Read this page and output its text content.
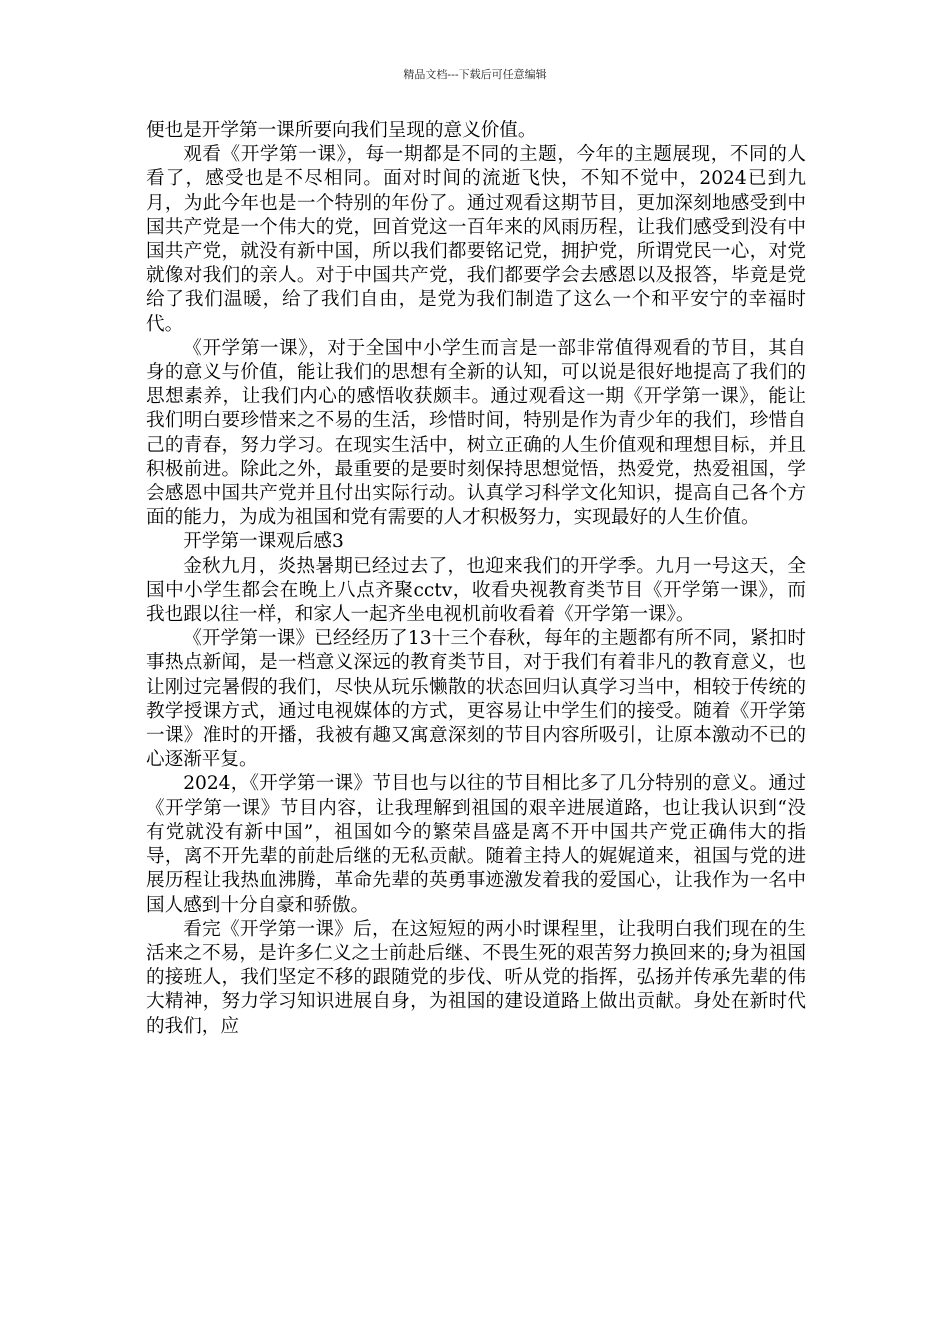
精品文档---下载后可任意编辑

便也是开学第一课所要向我们呈现的意义价值。

观看《开学第一课》，每一期都是不同的主题，今年的主题展现，不同的人看了，感受也是不尽相同。面对时间的流逝飞快，不知不觉中，2024已到九月，为此今年也是一个特别的年份了。通过观看这期节目，更加深刻地感受到中国共产党是一个伟大的党，回首党这一百年来的风雨历程，让我们感受到没有中国共产党，就没有新中国，所以我们都要铭记党，拥护党，所谓党民一心，对党就像对我们的亲人。对于中国共产党，我们都要学会去感恩以及报答，毕竟是党给了我们温暖，给了我们自由，是党为我们制造了这么一个和平安宁的幸福时代。

《开学第一课》，对于全国中小学生而言是一部非常值得观看的节目，其自身的意义与价值，能让我们的思想有全新的认知，可以说是很好地提高了我们的思想素养，让我们内心的感悟收获颇丰。通过观看这一期《开学第一课》，能让我们明白要珍惜来之不易的生活，珍惜时间，特别是作为青少年的我们，珍惜自己的青春，努力学习。在现实生活中，树立正确的人生价值观和理想目标，并且积极前进。除此之外，最重要的是要时刻保持思想觉悟，热爱党，热爱祖国，学会感恩中国共产党并且付出实际行动。认真学习科学文化知识，提高自己各个方面的能力，为成为祖国和党有需要的人才积极努力，实现最好的人生价值。

开学第一课观后感3

金秋九月，炎热暑期已经过去了，也迎来我们的开学季。九月一号这天，全国中小学生都会在晚上八点齐聚cctv，收看央视教育类节目《开学第一课》，而我也跟以往一样，和家人一起齐坐电视机前收看着《开学第一课》。

《开学第一课》已经经历了13十三个春秋，每年的主题都有所不同，紧扣时事热点新闻，是一档意义深远的教育类节目，对于我们有着非凡的教育意义，也让刚过完暑假的我们，尽快从玩乐懒散的状态回归认真学习当中，相较于传统的教学授课方式，通过电视媒体的方式，更容易让中学生们的接受。随着《开学第一课》准时的开播，我被有趣又寓意深刻的节目内容所吸引，让原本激动不已的心逐渐平复。

2024，《开学第一课》节目也与以往的节目相比多了几分特别的意义。通过《开学第一课》节目内容，让我理解到祖国的艰辛进展道路，也让我认识到“没有党就没有新中国”，祖国如今的繁荣昌盛是离不开中国共产党正确伟大的指导，离不开先辈的前赴后继的无私贡献。随着主持人的娓娓道来，祖国与党的进展历程让我热血沸腾，革命先辈的英勇事迹激发着我的爱国心，让我作为一名中国人感到十分自豪和骄傲。

看完《开学第一课》后，在这短短的两小时课程里，让我明白我们现在的生活来之不易，是许多仁义之士前赴后继、不畏生死的艰苦努力换回来的;身为祖国的接班人，我们坚定不移的跟随党的步伐、听从党的指挥，弘扬并传承先辈的伟大精神，努力学习知识进展自身，为祖国的建设道路上做出贡献。身处在新时代的我们，应
